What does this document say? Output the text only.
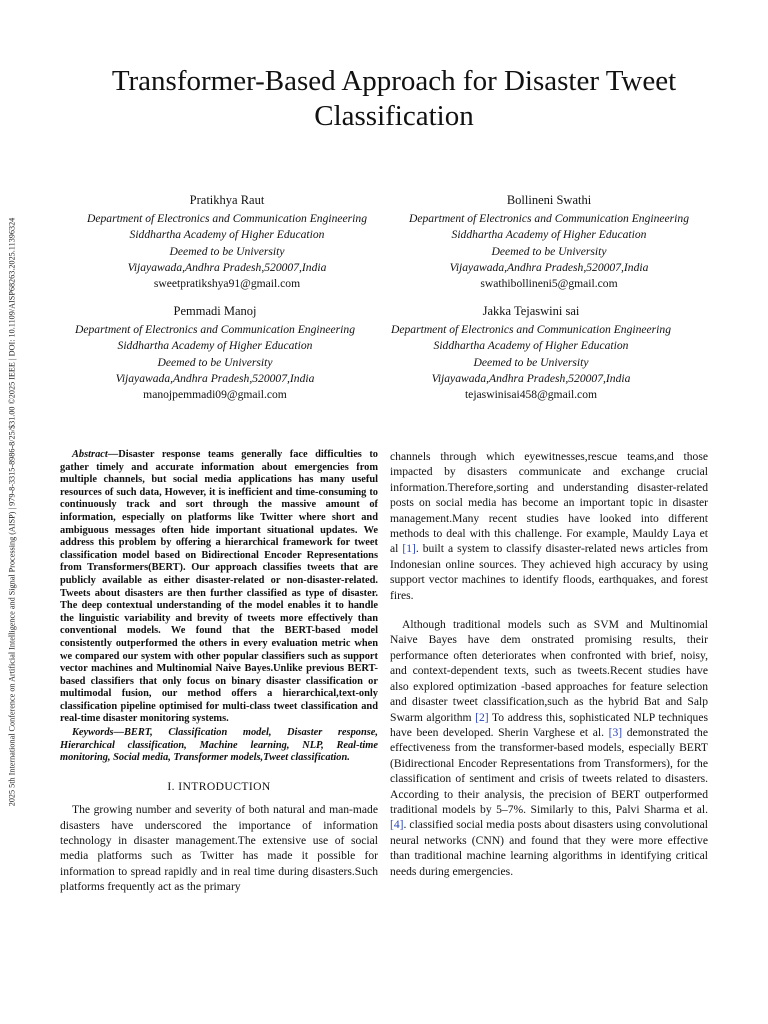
2025 5th International Conference on Artificial Intelligence and Signal Processing (AISP) | 979-8-3315-8986-8/25/$31.00 ©2025 IEEE | DOI: 10.1109/AISP68263.2025.11396324
Transformer-Based Approach for Disaster Tweet Classification
Pratikhya Raut
Department of Electronics and Communication Engineering
Siddhartha Academy of Higher Education
Deemed to be University
Vijayawada,Andhra Pradesh,520007,India
sweetpratikshya91@gmail.com
Bollineni Swathi
Department of Electronics and Communication Engineering
Siddhartha Academy of Higher Education
Deemed to be University
Vijayawada,Andhra Pradesh,520007,India
swathibollineni5@gmail.com
Pemmadi Manoj
Department of Electronics and Communication Engineering
Siddhartha Academy of Higher Education
Deemed to be University
Vijayawada,Andhra Pradesh,520007,India
manojpemmadi09@gmail.com
Jakka Tejaswini sai
Department of Electronics and Communication Engineering
Siddhartha Academy of Higher Education
Deemed to be University
Vijayawada,Andhra Pradesh,520007,India
tejaswinisai458@gmail.com

Abstract—Disaster response teams generally face difficulties to gather timely and accurate information about emergencies from multiple channels, but social media applications has many useful resources of such data, However, it is inefficient and time-consuming to continuously track and sort through the massive amount of information, especially on platforms like Twitter where short and ambiguous messages often hide important situational updates. We address this problem by offering a hierarchical framework for tweet classification model based on Bidirectional Encoder Representations from Transformers(BERT). Our approach classifies tweets that are publicly available as either disaster-related or non-disaster-related. Tweets about disasters are then further classified as type of disaster. The deep contextual understanding of the model enables it to handle the linguistic variability and brevity of tweets more effectively than conventional models. We found that the BERT-based model consistently outperformed the others in every evaluation metric when we compared our system with other popular classifiers such as support vector machines and Multinomial Naive Bayes.Unlike previous BERT-based classifiers that only focus on binary disaster classification or multimodal fusion, our method offers a hierarchical,text-only classification pipeline optimised for multi-class tweet classification and real-time disaster monitoring systems.

Keywords—BERT, Classification model, Disaster response, Hierarchical classification, Machine learning, NLP, Real-time monitoring, Social media, Transformer models,Tweet classification.

I. INTRODUCTION

The growing number and severity of both natural and man-made disasters have underscored the importance of information technology in disaster management.The extensive use of social media platforms such as Twitter has made it possible for information to spread rapidly and in real time during disasters.Such platforms frequently act as the primary

channels through which eyewitnesses,rescue teams,and those impacted by disasters communicate and exchange crucial information.Therefore,sorting and understanding disaster-related posts on social media has become an important topic in disaster management.Many recent studies have looked into different methods to deal with this challenge. For example, Mauldy Laya et al [1]. built a system to classify disaster-related news articles from Indonesian online sources. They achieved high accuracy by using support vector machines to identify floods, earthquakes, and forest fires.

Although traditional models such as SVM and Multinomial Naive Bayes have dem onstrated promising results, their performance often deteriorates when confronted with brief, noisy, and context-dependent texts, such as tweets.Recent studies have also explored optimization -based approaches for feature selection and disaster tweet classification,such as the hybrid Bat and Salp Swarm algorithm [2] To address this, sophisticated NLP techniques have been developed. Sherin Varghese et al. [3] demonstrated the effectiveness from the transformer-based models, especially BERT (Bidirectional Encoder Representations from Transformers), for the classification of sentiment and crisis of tweets related to disasters. According to their analysis, the precision of BERT outperformed traditional models by 5–7%. Similarly to this, Palvi Sharma et al. [4]. classified social media posts about disasters using convolutional neural networks (CNN) and found that they were more effective than traditional machine learning algorithms in identifying critical needs during emergencies.
